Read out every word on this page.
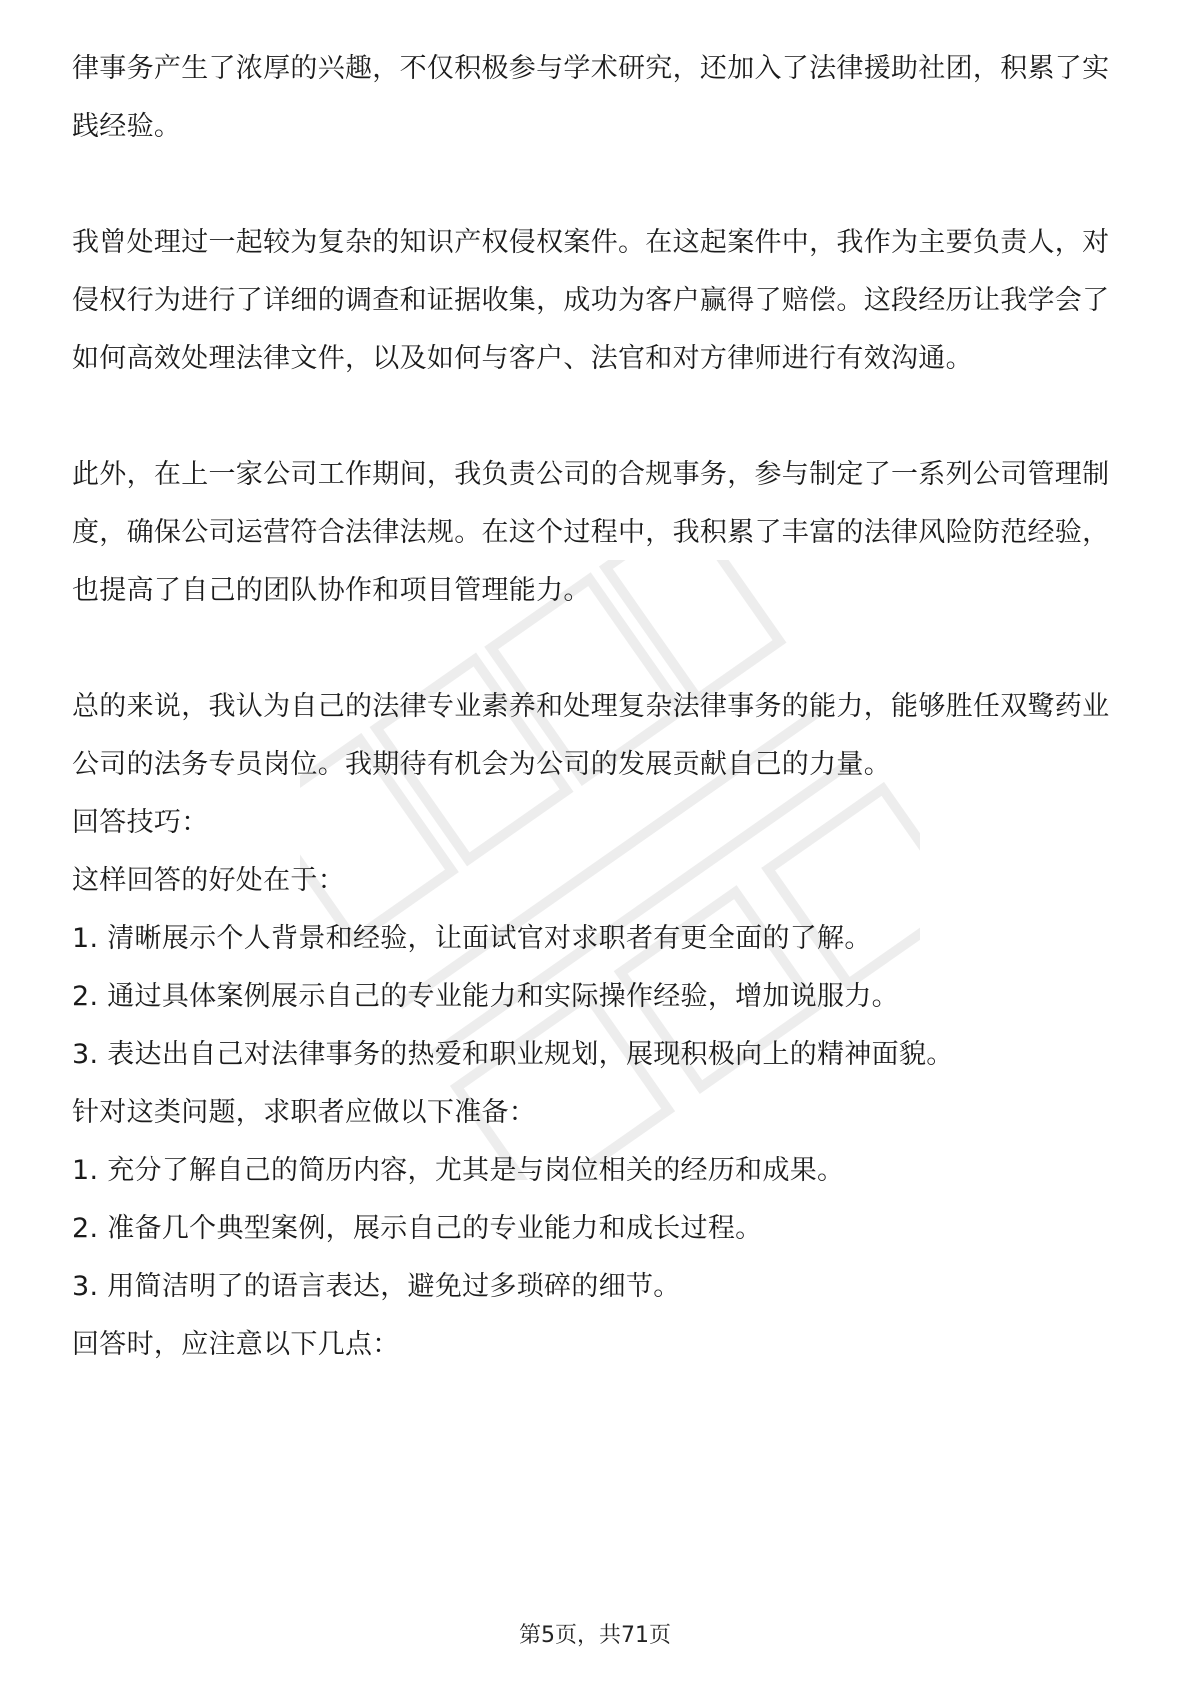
律事务产生了浓厚的兴趣，不仅积极参与学术研究，还加入了法律援助社团，积累了实践经验。

我曾处理过一起较为复杂的知识产权侵权案件。在这起案件中，我作为主要负责人，对侵权行为进行了详细的调查和证据收集，成功为客户赢得了赔偿。这段经历让我学会了如何高效处理法律文件，以及如何与客户、法官和对方律师进行有效沟通。

此外，在上一家公司工作期间，我负责公司的合规事务，参与制定了一系列公司管理制度，确保公司运营符合法律法规。在这个过程中，我积累了丰富的法律风险防范经验，也提高了自己的团队协作和项目管理能力。

总的来说，我认为自己的法律专业素养和处理复杂法律事务的能力，能够胜任双鹭药业公司的法务专员岗位。我期待有机会为公司的发展贡献自己的力量。

回答技巧：

这样回答的好处在于：

1. 清晰展示个人背景和经验，让面试官对求职者有更全面的了解。

2. 通过具体案例展示自己的专业能力和实际操作经验，增加说服力。

3. 表达出自己对法律事务的热爱和职业规划，展现积极向上的精神面貌。

针对这类问题，求职者应做以下准备：

1. 充分了解自己的简历内容，尤其是与岗位相关的经历和成果。

2. 准备几个典型案例，展示自己的专业能力和成长过程。

3. 用简洁明了的语言表达，避免过多琐碎的细节。

回答时，应注意以下几点：

第5页，共71页
